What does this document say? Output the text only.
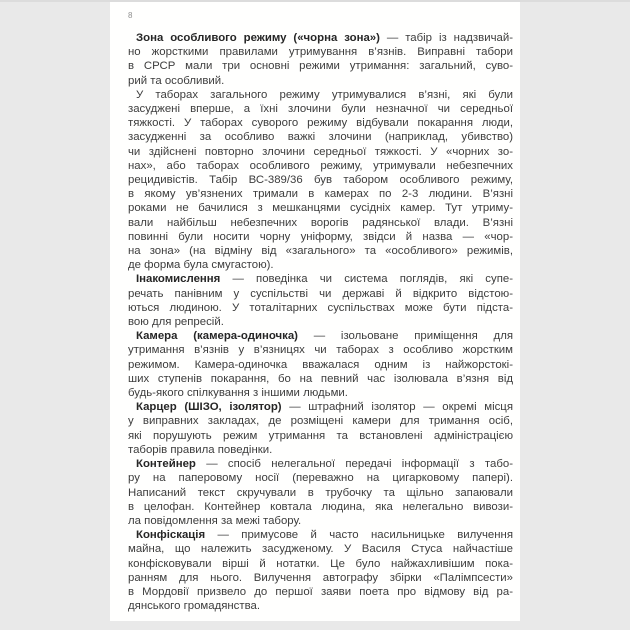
8
Зона особливого режиму («чорна зона») — табір із надзвичай-
но жорсткими правилами утримування в’язнів. Виправні табори
в СРСР мали три основні режими утримання: загальний, суво-
рий та особливий.
У таборах загального режиму утримувалися в’язні, які були
засуджені вперше, а їхні злочини були незначної чи середньої
тяжкості. У таборах суворого режиму відбували покарання люди,
засудженні за особливо важкі злочини (наприклад, убивство)
чи здійснені повторно злочини середньої тяжкості. У «чорних зо-
нах», або таборах особливого режиму, утримували небезпечних
рецидивістів. Табір ВС-389/36 був табором особливого режиму,
в якому ув’язнених тримали в камерах по 2-3 людини. В’язні
роками не бачилися з мешканцями сусідніх камер. Тут утриму-
вали найбільш небезпечних ворогів радянської влади. В’язні
повинні були носити чорну уніформу, звідси й назва — «чор-
на зона» (на відміну від «загального» та «особливого» режимів,
де форма була смугастою).
Інакомислення — поведінка чи система поглядів, які супе-
речать панівним у суспільстві чи державі й відкрито відстою-
ються людиною. У тоталітарних суспільствах може бути підста-
вою для репресій.
Камера (камера-одиночка) — ізольоване приміщення для
утримання в’язнів у в’язницях чи таборах з особливо жорстким
режимом. Камера-одиночка вважалася одним із найжорстокі-
ших ступенів покарання, бо на певний час ізолювала в’язня від
будь-якого спілкування з іншими людьми.
Карцер (ШІЗО, ізолятор) — штрафний ізолятор — окремі місця
у виправних закладах, де розміщені камери для тримання осіб,
які порушують режим утримання та встановлені адміністрацією
таборів правила поведінки.
Контейнер — спосіб нелегальної передачі інформації з табо-
ру на паперовому носії (переважно на цигарковому папері).
Написаний текст скручували в трубочку та щільно запаювали
в целофан. Контейнер ковтала людина, яка нелегально вивози-
ла повідомлення за межі табору.
Конфіскація — примусове й часто насильницьке вилучення
майна, що належить засудженому. У Василя Стуса найчастіше
конфісковували вірші й нотатки. Це було найжахливішим пока-
ранням для нього. Вилучення автографу збірки «Палімпсести»
в Мордовії призвело до першої заяви поета про відмову від ра-
дянського громадянства.
